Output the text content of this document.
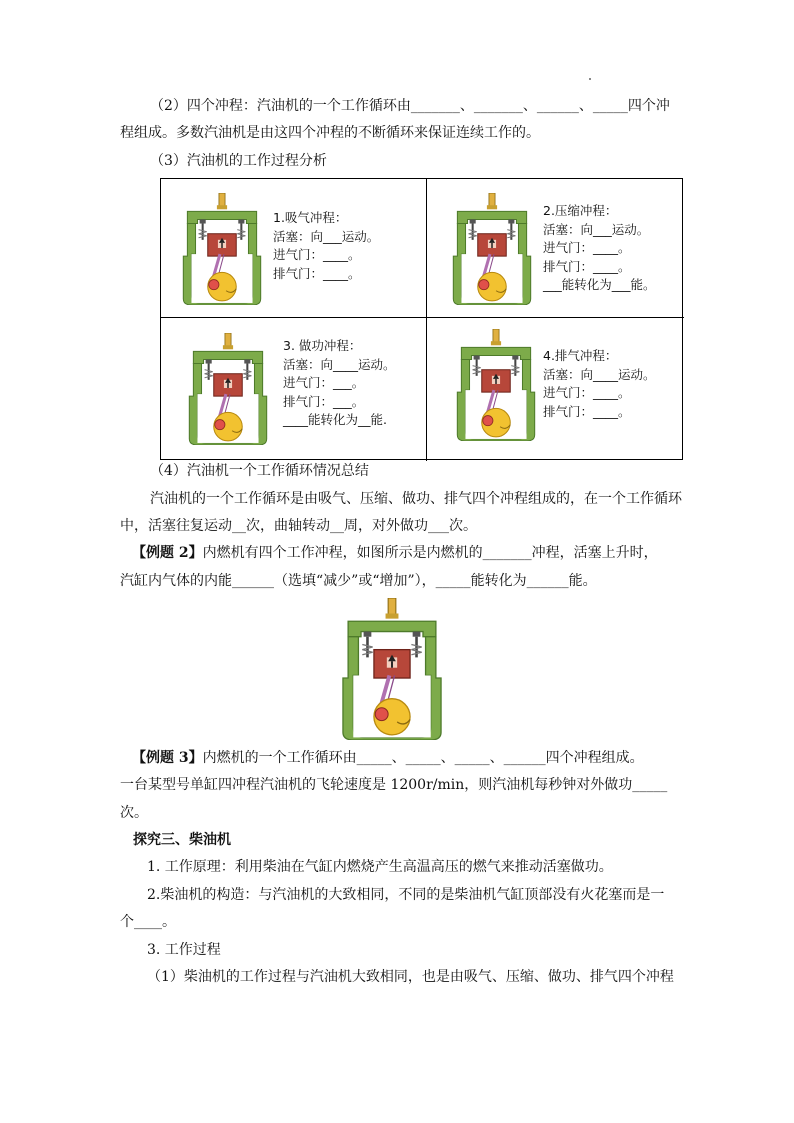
（2）四个冲程：汽油机的一个工作循环由_______、_______、______、_____四个冲
程组成。多数汽油机是由这四个冲程的不断循环来保证连续工作的。
（3）汽油机的工作过程分析
1.吸气冲程：
活塞：向___运动。
进气门：____。
排气门：____。
2.压缩冲程：
活塞：向___运动。
进气门：____。
排气门：____。
___能转化为___能。
3. 做功冲程：
活塞：向____运动。
进气门：___。
排气门：___。
____能转化为__能.
4.排气冲程：
活塞：向____运动。
进气门：____。
排气门：____。
（4）汽油机一个工作循环情况总结
汽油机的一个工作循环是由吸气、压缩、做功、排气四个冲程组成的，在一个工作循环
中，活塞往复运动__次，曲轴转动__周，对外做功___次。
【例题 2】内燃机有四个工作冲程，如图所示是内燃机的_______冲程，活塞上升时，
汽缸内气体的内能______（选填“减少”或“增加”），_____能转化为______能。
【例题 3】内燃机的一个工作循环由_____、_____、_____、______四个冲程组成。
一台某型号单缸四冲程汽油机的飞轮速度是 1200r/min，则汽油机每秒钟对外做功_____
次。
探究三、柴油机
1. 工作原理：利用柴油在气缸内燃烧产生高温高压的燃气来推动活塞做功。
2.柴油机的构造：与汽油机的大致相同，不同的是柴油机气缸顶部没有火花塞而是一
个____。
3. 工作过程
（1）柴油机的工作过程与汽油机大致相同，也是由吸气、压缩、做功、排气四个冲程
